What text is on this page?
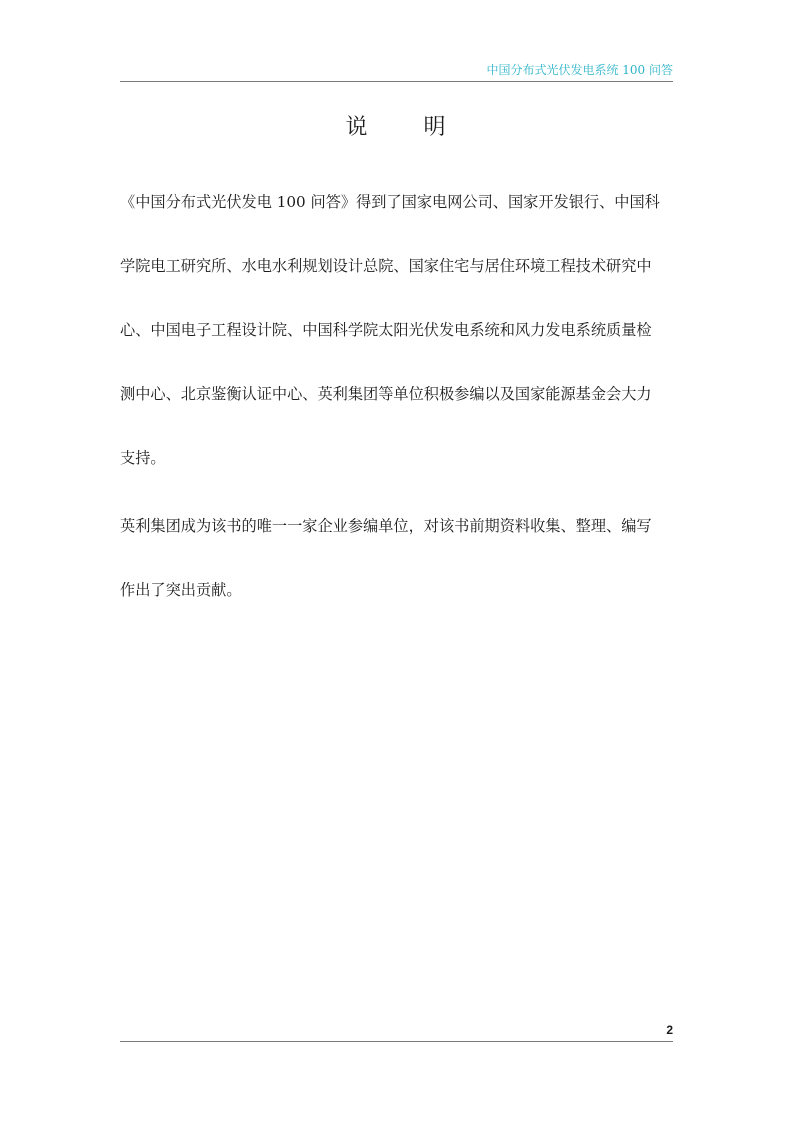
中国分布式光伏发电系统 100 问答
说      明
《中国分布式光伏发电 100 问答》得到了国家电网公司、国家开发银行、中国科
学院电工研究所、水电水利规划设计总院、国家住宅与居住环境工程技术研究中
心、中国电子工程设计院、中国科学院太阳光伏发电系统和风力发电系统质量检
测中心、北京鉴衡认证中心、英利集团等单位积极参编以及国家能源基金会大力
支持。
英利集团成为该书的唯一一家企业参编单位，对该书前期资料收集、整理、编写
作出了突出贡献。
2
